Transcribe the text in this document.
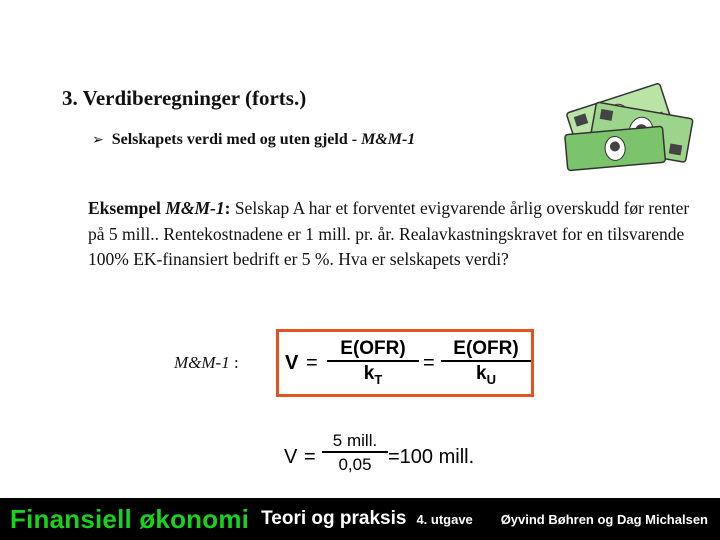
3. Verdiberegninger (forts.)
➢ Selskapets verdi med og uten gjeld - M&M-1
Eksempel M&M-1: Selskap A har et forventet evigvarende årlig overskudd før renter på 5 mill.. Rentekostnadene er 1 mill. pr. år. Realavkastningskravet for en tilsvarende 100% EK-finansiert bedrift er 5 %. Hva er selskapets verdi?
M&M-1 : V =
E(OFR)
$k_T$
=
E(OFR)
$k_U$
V =
5 mill.
0,05 =100 mill.
Finansiell økonomi Teori og praksis 4. utgave Øyvind Bøhren og Dag Michalsen
